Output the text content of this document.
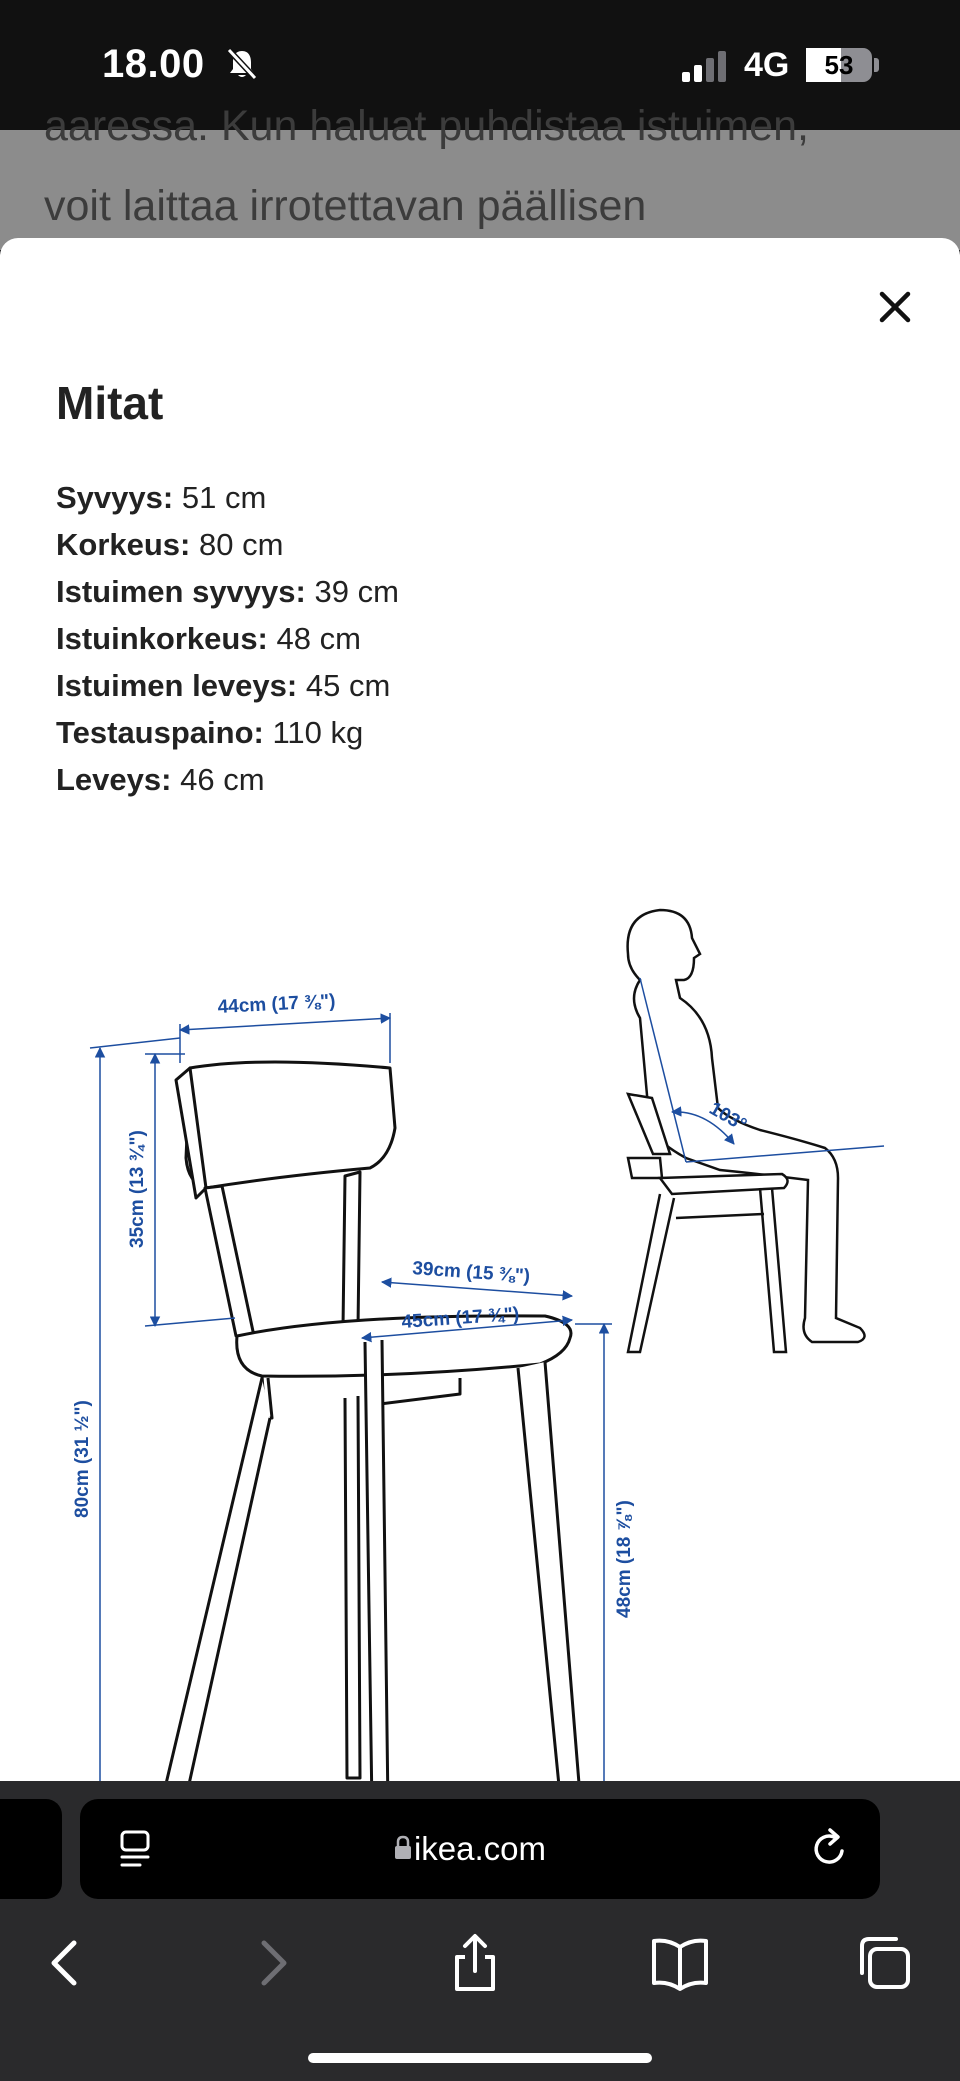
18.00	4G	53
aaressa. Kun haluat puhdistaa istuimen,
voit laittaa irrotettavan päällisen
Mitat
Syvyys: 51 cm
Korkeus: 80 cm
Istuimen syvyys: 39 cm
Istuinkorkeus: 48 cm
Istuimen leveys: 45 cm
Testauspaino: 110 kg
Leveys: 46 cm
44cm (17 ⅜")
35cm (13 ¾")
80cm (31 ½")
39cm (15 ⅜")
45cm (17 ¾")
48cm (18 ⅞")
103°
ikea.com
